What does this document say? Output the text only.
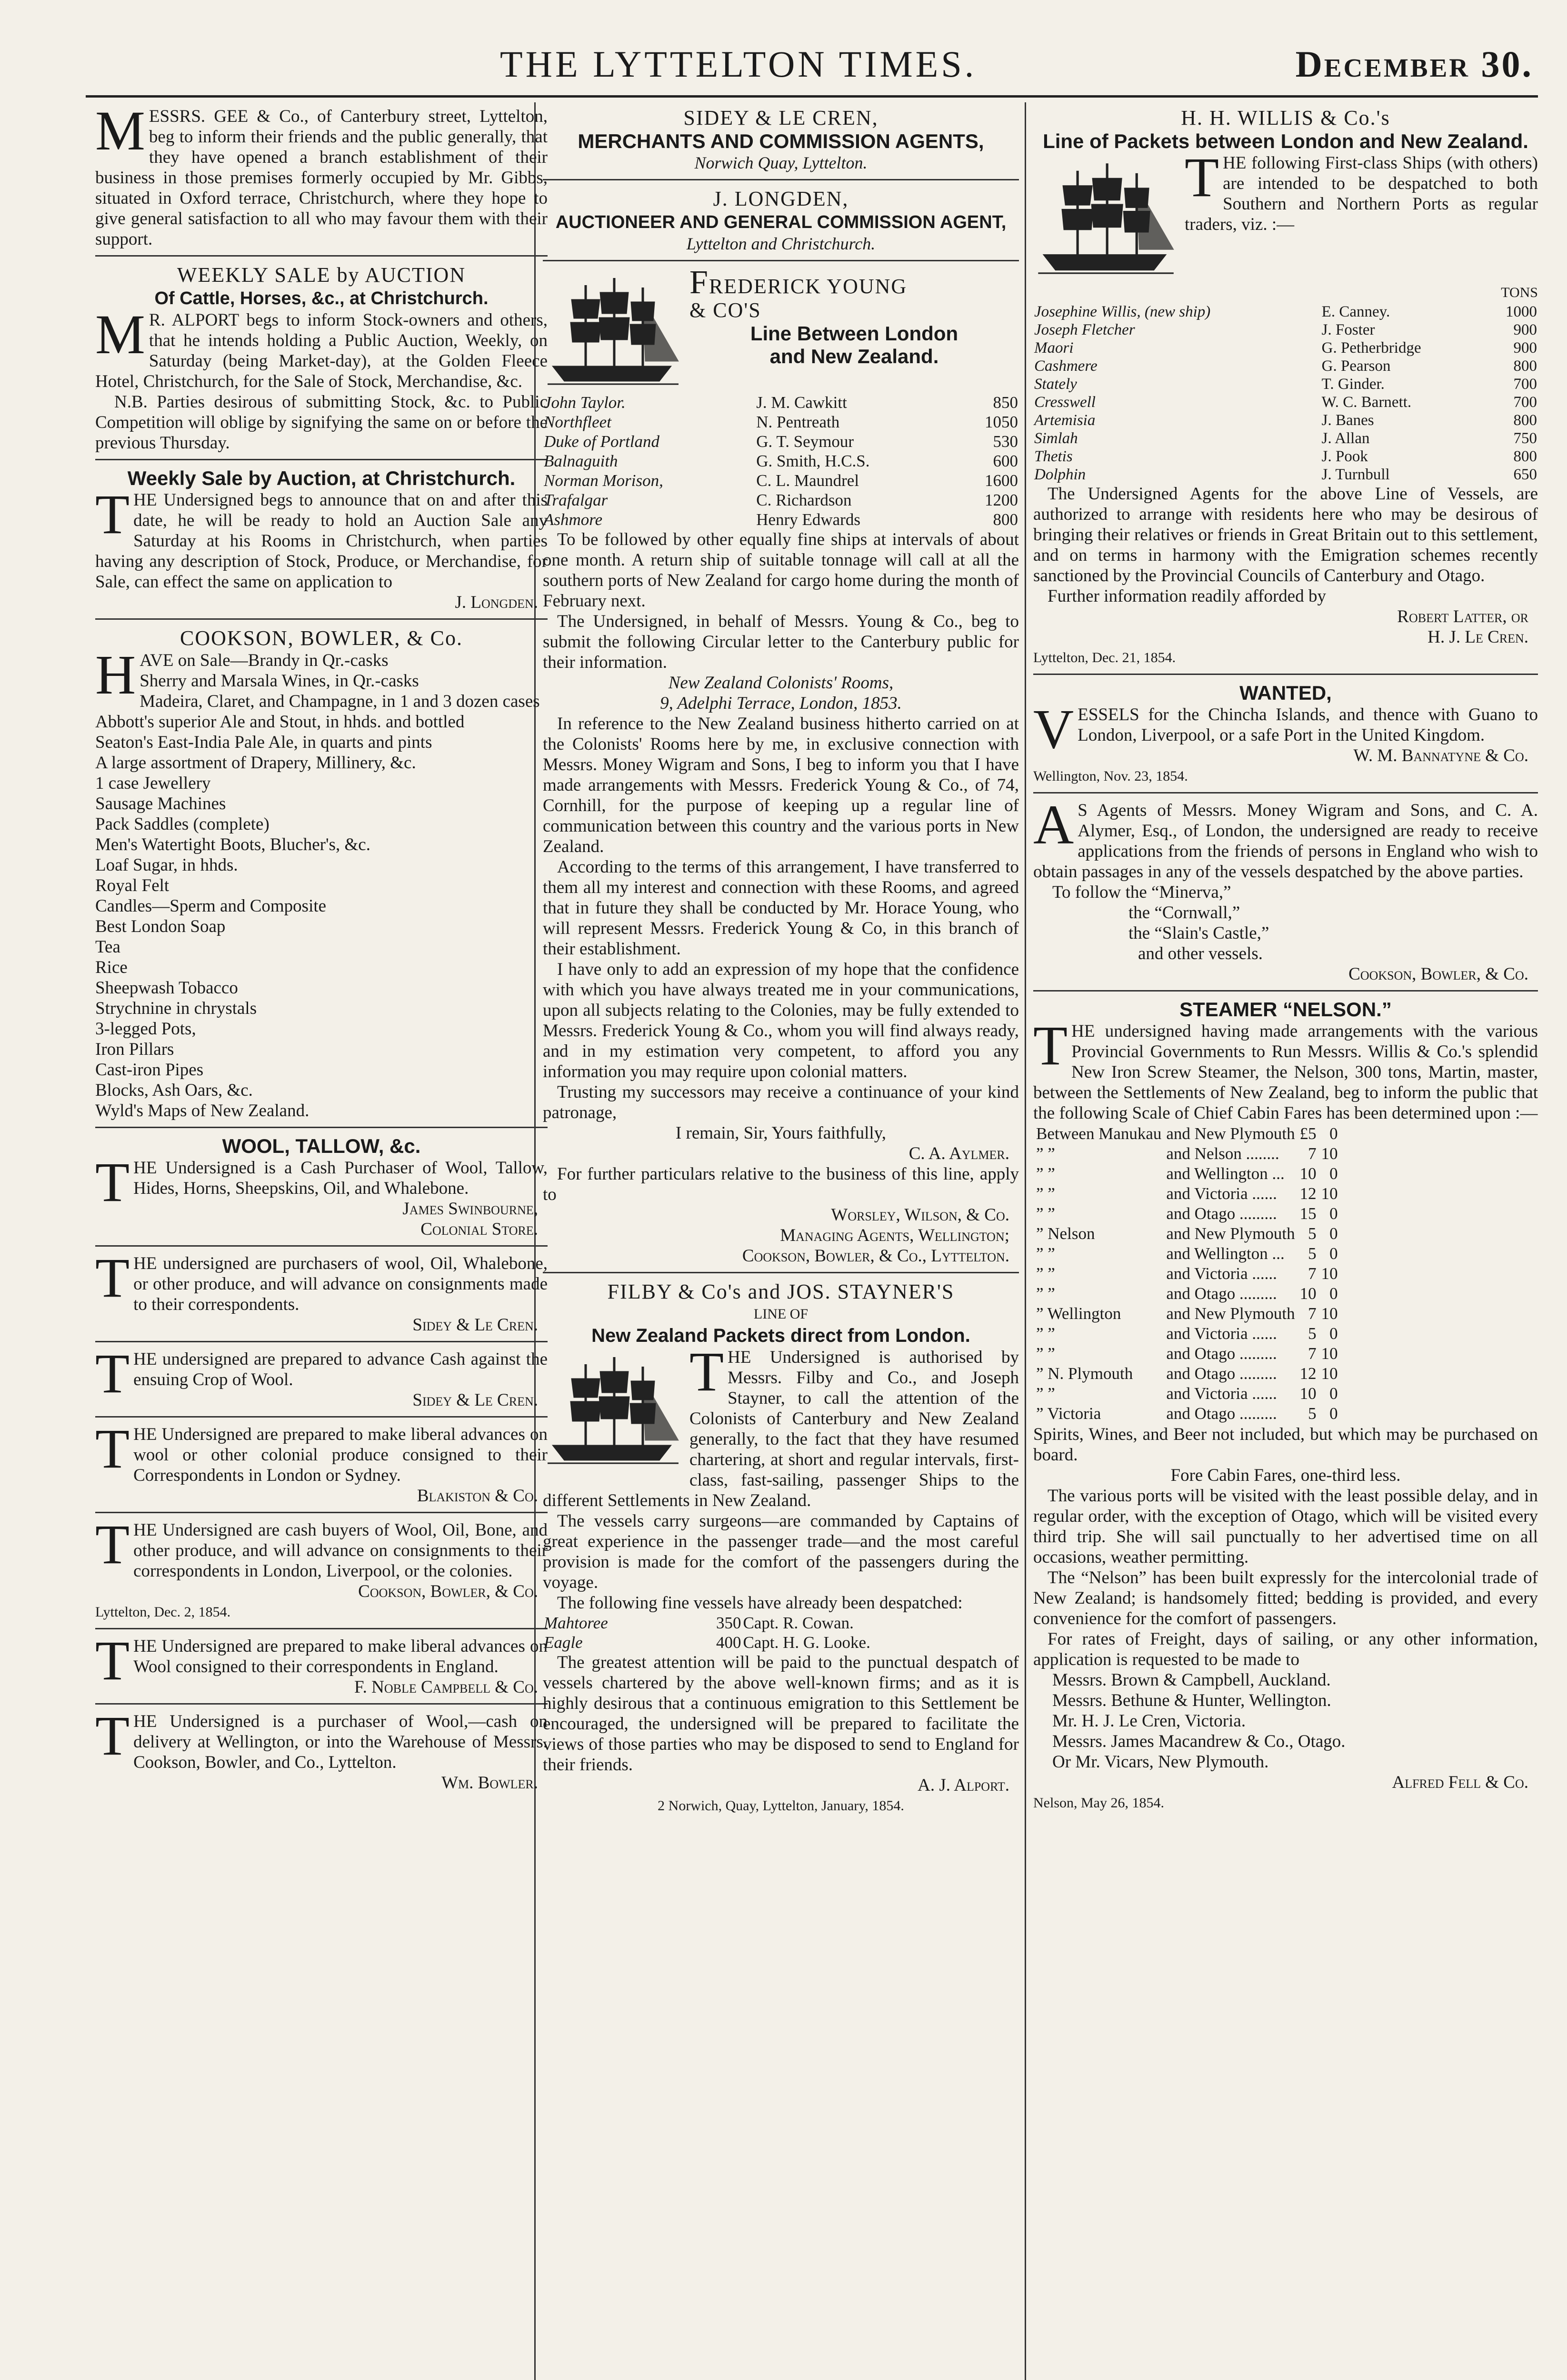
THE LYTTELTON TIMES.	December 30.

MESSRS. GEE & Co., of Canterbury street, Lyttelton, beg to inform their friends and the public generally, that they have opened a branch establishment of their business in those premises formerly occupied by Mr. Gibbs, situated in Oxford terrace, Christchurch, where they hope to give general satisfaction to all who may favour them with their support.

WEEKLY SALE by AUCTION
Of Cattle, Horses, &c., at Christchurch.

M R. ALPORT begs to inform Stock-owners and others, that he intends holding a Public Auction, Weekly, on Saturday (being Market-day), at the Golden Fleece Hotel, Christchurch, for the Sale of Stock, Merchandise, &c.

N.B. Parties desirous of submitting Stock, &c. to Public Competition will oblige by signifying the same on or before the previous Thursday.

Weekly Sale by Auction, at Christchurch.

THE Undersigned begs to announce that on and after this date, he will be ready to hold an Auction Sale any Saturday at his Rooms in Christchurch, when parties having any description of Stock, Produce, or Merchandise, for Sale, can effect the same on application to

J. Longden.
COOKSON, BOWLER, & Co.

HAVE on Sale—Brandy in Qr.-casks

Sherry and Marsala Wines, in Qr.-casks
Madeira, Claret, and Champagne, in 1 and 3 dozen cases
Abbott's superior Ale and Stout, in hhds. and bottled
Seaton's East-India Pale Ale, in quarts and pints
A large assortment of Drapery, Millinery, &c.
1 case Jewellery
Sausage Machines
Pack Saddles (complete)
Men's Watertight Boots, Blucher's, &c.
Loaf Sugar, in hhds.
Royal Felt
Candles—Sperm and Composite
Best London Soap
Tea
Rice
Sheepwash Tobacco
Strychnine in chrystals
3-legged Pots,
Iron Pillars
Cast-iron Pipes
Blocks, Ash Oars, &c.
Wyld's Maps of New Zealand.
WOOL, TALLOW, &c.

THE Undersigned is a Cash Purchaser of Wool, Tallow, Hides, Horns, Sheepskins, Oil, and Whalebone.

James Swinbourne,
Colonial Store.

THE undersigned are purchasers of wool, Oil, Whalebone, or other produce, and will advance on consignments made to their correspondents.

Sidey & Le Cren.

THE undersigned are prepared to advance Cash against the ensuing Crop of Wool.

Sidey & Le Cren.

THE Undersigned are prepared to make liberal advances on wool or other colonial produce consigned to their Correspondents in London or Sydney.

Blakiston & Co.

THE Undersigned are cash buyers of Wool, Oil, Bone, and other produce, and will advance on consignments to their correspondents in London, Liverpool, or the colonies.

Cookson, Bowler, & Co.
Lyttelton, Dec. 2, 1854.

THE Undersigned are prepared to make liberal advances on Wool consigned to their correspondents in England.

F. Noble Campbell & Co.

THE Undersigned is a purchaser of Wool,—cash on delivery at Wellington, or into the Warehouse of Messrs. Cookson, Bowler, and Co., Lyttelton.

Wm. Bowler.
SIDEY & LE CREN,
MERCHANTS AND COMMISSION AGENTS,
Norwich Quay, Lyttelton.
J. LONGDEN,
AUCTIONEER AND GENERAL COMMISSION AGENT,
Lyttelton and Christchurch.
FREDERICK YOUNG
& CO'S
Line Between London
and New Zealand.
John Taylor.	J. M. Cawkitt	850
Northfleet	N. Pentreath	1050
Duke of Portland	G. T. Seymour	530
Balnaguith	G. Smith, H.C.S.	600
Norman Morison,	C. L. Maundrel	1600
Trafalgar	C. Richardson	1200
Ashmore	Henry Edwards	800

To be followed by other equally fine ships at intervals of about one month. A return ship of suitable tonnage will call at all the southern ports of New Zealand for cargo home during the month of February next.

The Undersigned, in behalf of Messrs. Young & Co., beg to submit the following Circular letter to the Canterbury public for their information.

New Zealand Colonists' Rooms,
9, Adelphi Terrace, London, 1853.

In reference to the New Zealand business hitherto carried on at the Colonists' Rooms here by me, in exclusive connection with Messrs. Money Wigram and Sons, I beg to inform you that I have made arrangements with Messrs. Frederick Young & Co., of 74, Cornhill, for the purpose of keeping up a regular line of communication between this country and the various ports in New Zealand.

According to the terms of this arrangement, I have transferred to them all my interest and connection with these Rooms, and agreed that in future they shall be conducted by Mr. Horace Young, who will represent Messrs. Frederick Young & Co, in this branch of their establishment.

I have only to add an expression of my hope that the confidence with which you have always treated me in your communications, upon all subjects relating to the Colonies, may be fully extended to Messrs. Frederick Young & Co., whom you will find always ready, and in my estimation very competent, to afford you any information you may require upon colonial matters.

Trusting my successors may receive a continuance of your kind patronage,

I remain, Sir, Yours faithfully,
C. A. Aylmer.

For further particulars relative to the business of this line, apply to

Worsley, Wilson, & Co.
Managing Agents, Wellington;
Cookson, Bowler, & Co., Lyttelton.
FILBY & Co's and JOS. STAYNER'S
LINE OF
New Zealand Packets direct from London.

THE Undersigned is authorised by Messrs. Filby and Co., and Joseph Stayner, to call the attention of the Colonists of Canterbury and New Zealand generally, to the fact that they have resumed chartering, at short and regular intervals, first-class, fast-sailing, passenger Ships to the different Settlements in New Zealand.

The vessels carry surgeons—are commanded by Captains of great experience in the passenger trade—and the most careful provision is made for the comfort of the passengers during the voyage.

The following fine vessels have already been despatched:

Mahtoree	350	Capt. R. Cowan.
Eagle	400	Capt. H. G. Looke.

The greatest attention will be paid to the punctual despatch of vessels chartered by the above well-known firms; and as it is highly desirous that a continuous emigration to this Settlement be encouraged, the undersigned will be prepared to facilitate the views of those parties who may be disposed to send to England for their friends.

A. J. Alport.
2 Norwich, Quay, Lyttelton, January, 1854.
H. H. WILLIS & Co.'s
Line of Packets between London and New Zealand.

THE following First-class Ships (with others) are intended to be despatched to both Southern and Northern Ports as regular traders, viz. :—

TONS
Josephine Willis, (new ship)	E. Canney.	1000
Joseph Fletcher	J. Foster	900
Maori	G. Petherbridge	900
Cashmere	G. Pearson	800
Stately	T. Ginder.	700
Cresswell	W. C. Barnett.	700
Artemisia	J. Banes	800
Simlah	J. Allan	750
Thetis	J. Pook	800
Dolphin	J. Turnbull	650

The Undersigned Agents for the above Line of Vessels, are authorized to arrange with residents here who may be desirous of bringing their relatives or friends in Great Britain out to this settlement, and on terms in harmony with the Emigration schemes recently sanctioned by the Provincial Councils of Canterbury and Otago.

Further information readily afforded by

Robert Latter, or
H. J. Le Cren.
Lyttelton, Dec. 21, 1854.
WANTED,

VESSELS for the Chincha Islands, and thence with Guano to London, Liverpool, or a safe Port in the United Kingdom.

W. M. Bannatyne & Co.
Wellington, Nov. 23, 1854.

A S Agents of Messrs. Money Wigram and Sons, and C. A. Alymer, Esq., of London, the undersigned are ready to receive applications from the friends of persons in England who wish to obtain passages in any of the vessels despatched by the above parties.

To follow the “Minerva,”
the “Cornwall,”
the “Slain's Castle,”
and other vessels.
Cookson, Bowler, & Co.
STEAMER “NELSON.”

THE undersigned having made arrangements with the various Provincial Governments to Run Messrs. Willis & Co.'s splendid New Iron Screw Steamer, the Nelson, 300 tons, Martin, master, between the Settlements of New Zealand, beg to inform the public that the following Scale of Chief Cabin Fares has been determined upon :—

Between Manukau	and New Plymouth	£5	0
” ”	and Nelson ........	7	10
” ”	and Wellington ...	10	0
” ”	and Victoria ......	12	10
” ”	and Otago .........	15	0
” Nelson	and New Plymouth	5	0
” ”	and Wellington ...	5	0
” ”	and Victoria ......	7	10
” ”	and Otago .........	10	0
” Wellington	and New Plymouth	7	10
” ”	and Victoria ......	5	0
” ”	and Otago .........	7	10
” N. Plymouth	and Otago .........	12	10
” ”	and Victoria ......	10	0
” Victoria	and Otago .........	5	0

Spirits, Wines, and Beer not included, but which may be purchased on board.

Fore Cabin Fares, one-third less.

The various ports will be visited with the least possible delay, and in regular order, with the exception of Otago, which will be visited every third trip. She will sail punctually to her advertised time on all occasions, weather permitting.

The “Nelson” has been built expressly for the intercolonial trade of New Zealand; is handsomely fitted; bedding is provided, and every convenience for the comfort of passengers.

For rates of Freight, days of sailing, or any other information, application is requested to be made to

Messrs. Brown & Campbell, Auckland.
Messrs. Bethune & Hunter, Wellington.
Mr. H. J. Le Cren, Victoria.
Messrs. James Macandrew & Co., Otago.
Or Mr. Vicars, New Plymouth.
Alfred Fell & Co.
Nelson, May 26, 1854.
